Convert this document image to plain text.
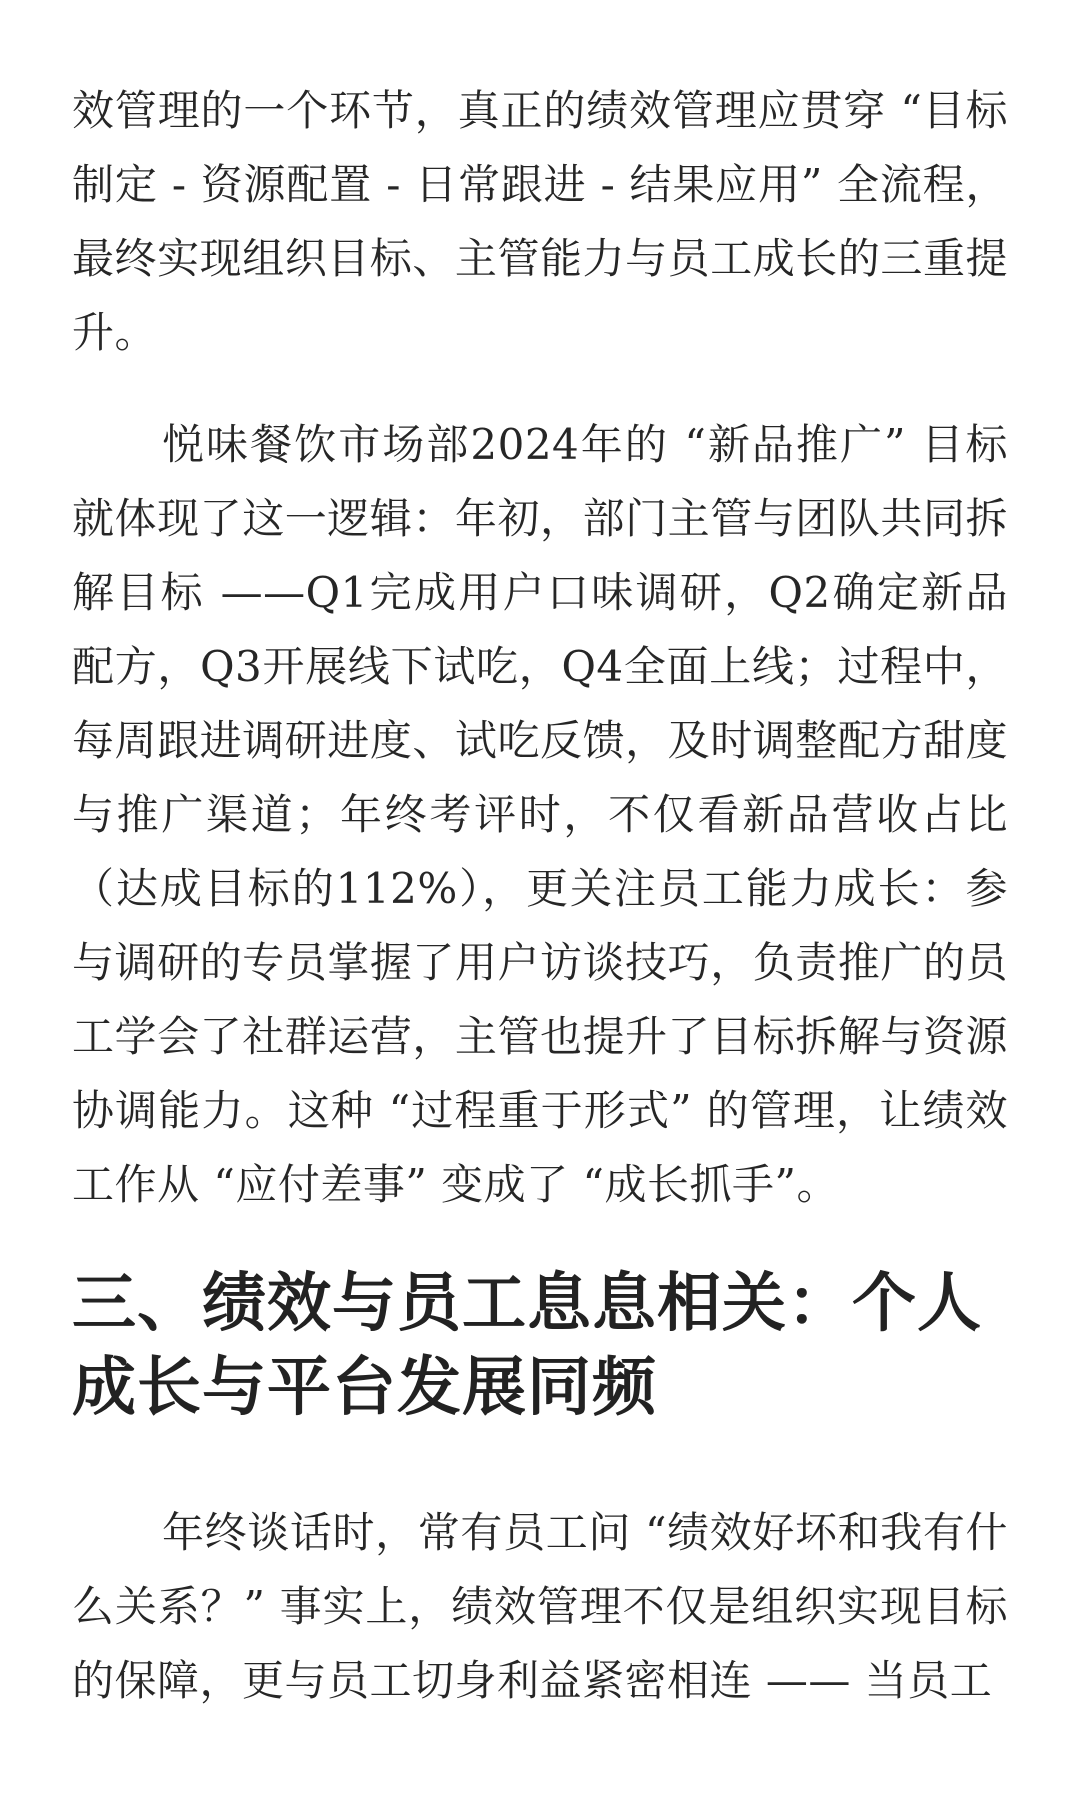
效管理的一个环节，真正的绩效管理应贯穿 “目标制定 - 资源配置 - 日常跟进 - 结果应用” 全流程，最终实现组织目标、主管能力与员工成长的三重提升。

悦味餐饮市场部2024年的 “新品推广” 目标就体现了这一逻辑：年初，部门主管与团队共同拆解目标 ——Q1完成用户口味调研，Q2确定新品配方，Q3开展线下试吃，Q4全面上线；过程中，每周跟进调研进度、试吃反馈，及时调整配方甜度与推广渠道；年终考评时，不仅看新品营收占比（达成目标的112%），更关注员工能力成长：参与调研的专员掌握了用户访谈技巧，负责推广的员工学会了社群运营，主管也提升了目标拆解与资源协调能力。这种 “过程重于形式” 的管理，让绩效工作从 “应付差事” 变成了 “成长抓手”。

三、绩效与员工息息相关：个人成长与平台发展同频

年终谈话时，常有员工问 “绩效好坏和我有什么关系？” 事实上，绩效管理不仅是组织实现目标的保障，更与员工切身利益紧密相连 —— 当员工
